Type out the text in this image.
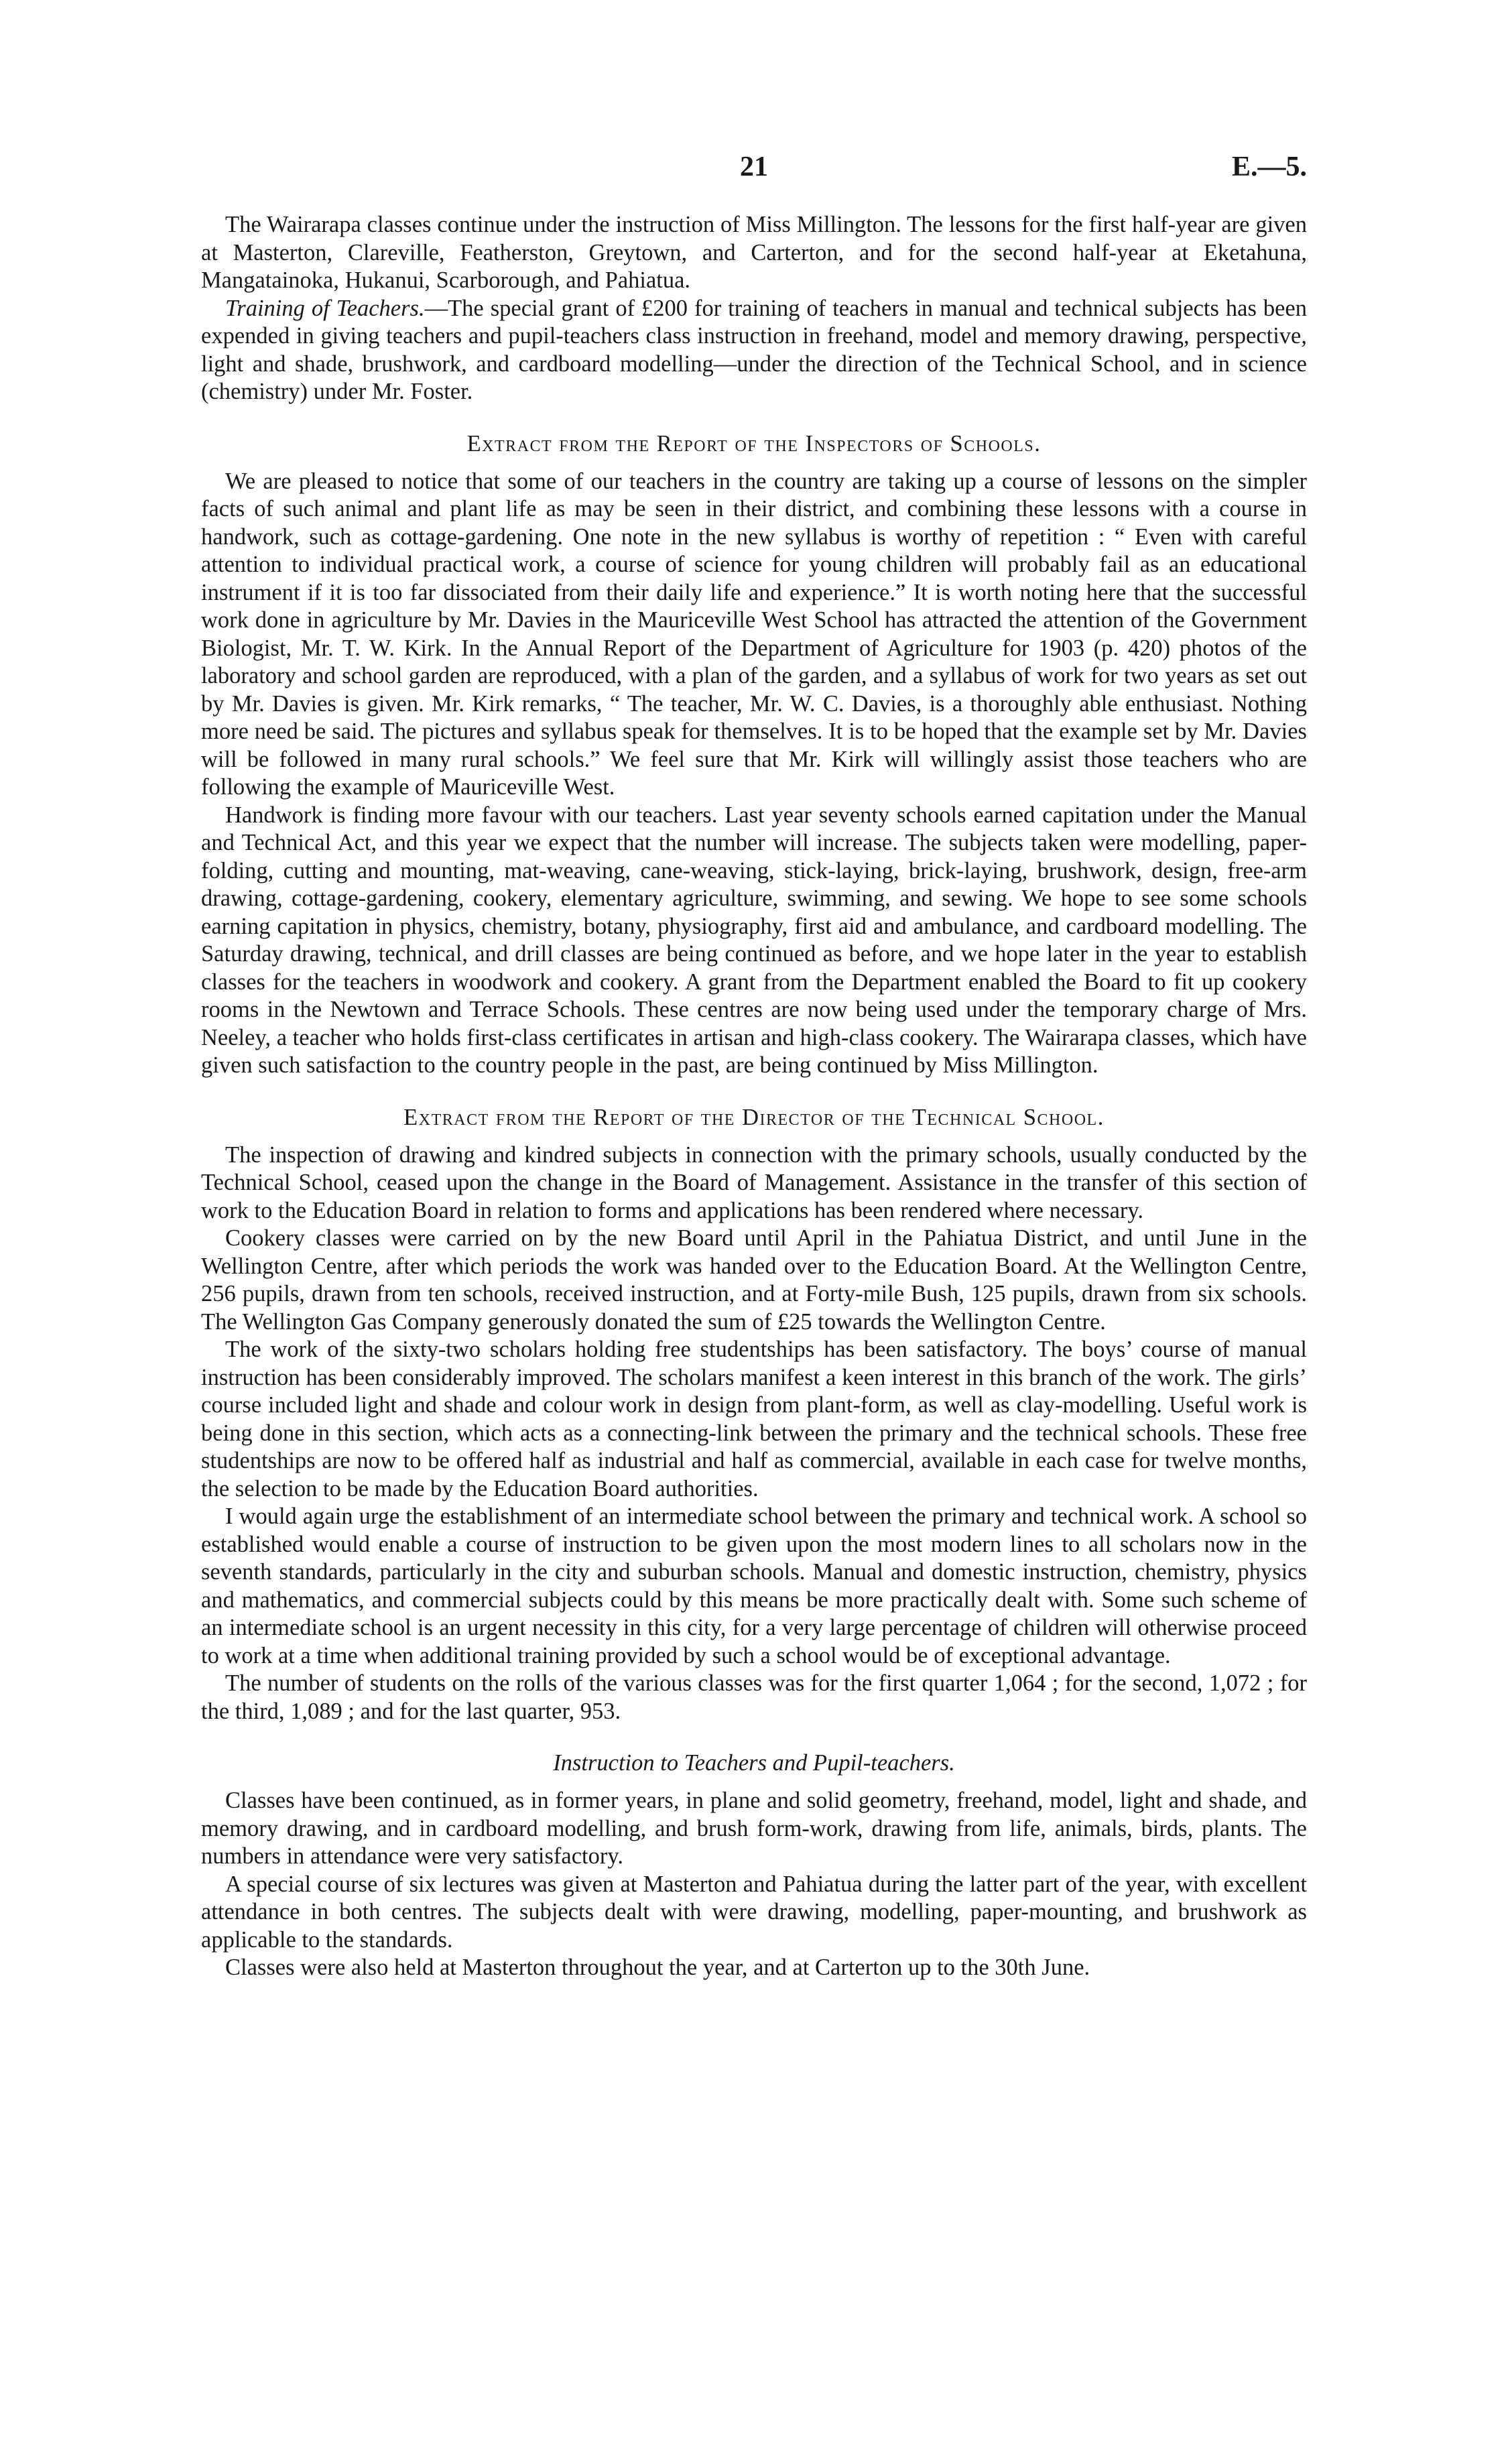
21	E.—5.

The Wairarapa classes continue under the instruction of Miss Millington. The lessons for the first half-year are given at Masterton, Clareville, Featherston, Greytown, and Carterton, and for the second half-year at Eketahuna, Mangatainoka, Hukanui, Scarborough, and Pahiatua.

Training of Teachers.—The special grant of £200 for training of teachers in manual and technical subjects has been expended in giving teachers and pupil-teachers class instruction in freehand, model and memory drawing, perspective, light and shade, brushwork, and cardboard modelling—under the direction of the Technical School, and in science (chemistry) under Mr. Foster.

Extract from the Report of the Inspectors of Schools.

We are pleased to notice that some of our teachers in the country are taking up a course of lessons on the simpler facts of such animal and plant life as may be seen in their district, and combining these lessons with a course in handwork, such as cottage-gardening. One note in the new syllabus is worthy of repetition : “ Even with careful attention to individual practical work, a course of science for young children will probably fail as an educational instrument if it is too far dissociated from their daily life and experience.” It is worth noting here that the successful work done in agriculture by Mr. Davies in the Mauriceville West School has attracted the attention of the Government Biologist, Mr. T. W. Kirk. In the Annual Report of the Department of Agriculture for 1903 (p. 420) photos of the laboratory and school garden are reproduced, with a plan of the garden, and a syllabus of work for two years as set out by Mr. Davies is given. Mr. Kirk remarks, “ The teacher, Mr. W. C. Davies, is a thoroughly able enthusiast. Nothing more need be said. The pictures and syllabus speak for themselves. It is to be hoped that the example set by Mr. Davies will be followed in many rural schools.” We feel sure that Mr. Kirk will willingly assist those teachers who are following the example of Mauriceville West.

Handwork is finding more favour with our teachers. Last year seventy schools earned capitation under the Manual and Technical Act, and this year we expect that the number will increase. The subjects taken were modelling, paper-folding, cutting and mounting, mat-weaving, cane-weaving, stick-laying, brick-laying, brushwork, design, free-arm drawing, cottage-gardening, cookery, elementary agriculture, swimming, and sewing. We hope to see some schools earning capitation in physics, chemistry, botany, physiography, first aid and ambulance, and cardboard modelling. The Saturday drawing, technical, and drill classes are being continued as before, and we hope later in the year to establish classes for the teachers in woodwork and cookery. A grant from the Department enabled the Board to fit up cookery rooms in the Newtown and Terrace Schools. These centres are now being used under the temporary charge of Mrs. Neeley, a teacher who holds first-class certificates in artisan and high-class cookery. The Wairarapa classes, which have given such satisfaction to the country people in the past, are being continued by Miss Millington.

Extract from the Report of the Director of the Technical School.

The inspection of drawing and kindred subjects in connection with the primary schools, usually conducted by the Technical School, ceased upon the change in the Board of Management. Assistance in the transfer of this section of work to the Education Board in relation to forms and applications has been rendered where necessary.

Cookery classes were carried on by the new Board until April in the Pahiatua District, and until June in the Wellington Centre, after which periods the work was handed over to the Education Board. At the Wellington Centre, 256 pupils, drawn from ten schools, received instruction, and at Forty-mile Bush, 125 pupils, drawn from six schools. The Wellington Gas Company generously donated the sum of £25 towards the Wellington Centre.

The work of the sixty-two scholars holding free studentships has been satisfactory. The boys’ course of manual instruction has been considerably improved. The scholars manifest a keen interest in this branch of the work. The girls’ course included light and shade and colour work in design from plant-form, as well as clay-modelling. Useful work is being done in this section, which acts as a connecting-link between the primary and the technical schools. These free studentships are now to be offered half as industrial and half as commercial, available in each case for twelve months, the selection to be made by the Education Board authorities.

I would again urge the establishment of an intermediate school between the primary and technical work. A school so established would enable a course of instruction to be given upon the most modern lines to all scholars now in the seventh standards, particularly in the city and suburban schools. Manual and domestic instruction, chemistry, physics and mathematics, and commercial subjects could by this means be more practically dealt with. Some such scheme of an intermediate school is an urgent necessity in this city, for a very large percentage of children will otherwise proceed to work at a time when additional training provided by such a school would be of exceptional advantage.

The number of students on the rolls of the various classes was for the first quarter 1,064 ; for the second, 1,072 ; for the third, 1,089 ; and for the last quarter, 953.

Instruction to Teachers and Pupil-teachers.

Classes have been continued, as in former years, in plane and solid geometry, freehand, model, light and shade, and memory drawing, and in cardboard modelling, and brush form-work, drawing from life, animals, birds, plants. The numbers in attendance were very satisfactory.

A special course of six lectures was given at Masterton and Pahiatua during the latter part of the year, with excellent attendance in both centres. The subjects dealt with were drawing, modelling, paper-mounting, and brushwork as applicable to the standards.

Classes were also held at Masterton throughout the year, and at Carterton up to the 30th June.
